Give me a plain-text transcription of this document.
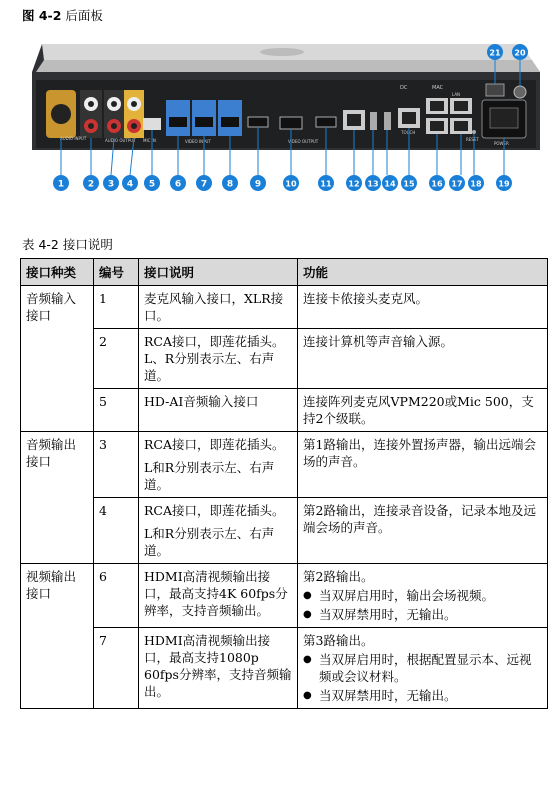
图 4-2 后面板
AUDIO INPUT	AUDIO OUTPUT MIC IN	VIDEO INPUT	VIDEO OUTPUT
DC	MAC
LAN
TOUCH
RESET
POWER
1	2 3 4 5 6 7 8 9	10	11 12 13 14 15 16 17 18 19
20
21
表 4-2 接口说明
接口种类	编号	接口说明	功能
音频输入接口	1	麦克风输入接口，XLR接口。	连接卡侬接头麦克风。
	2	RCA接口，即莲花插头。L、R分别表示左、右声道。	连接计算机等声音输入源。
	5	HD-AI音频输入接口	连接阵列麦克风VPM220或Mic 500，支持2个级联。
音频输出接口	3	RCA接口，即莲花插头。
L和R分别表示左、右声道。	第1路输出，连接外置扬声器，输出远端会场的声音。
	4	RCA接口，即莲花插头。
L和R分别表示左、右声道。	第2路输出，连接录音设备，记录本地及远端会场的声音。
视频输出接口	6	HDMI高清视频输出接口，最高支持4K 60fps分辨率，支持音频输出。	第2路输出。
● 当双屏启用时，输出会场视频。
● 当双屏禁用时，无输出。

	7	HDMI高清视频输出接口，最高支持1080p 60fps分辨率，支持音频输出。	第3路输出。
● 当双屏启用时，根据配置显示本、远视频或会议材料。
● 当双屏禁用时，无输出。
